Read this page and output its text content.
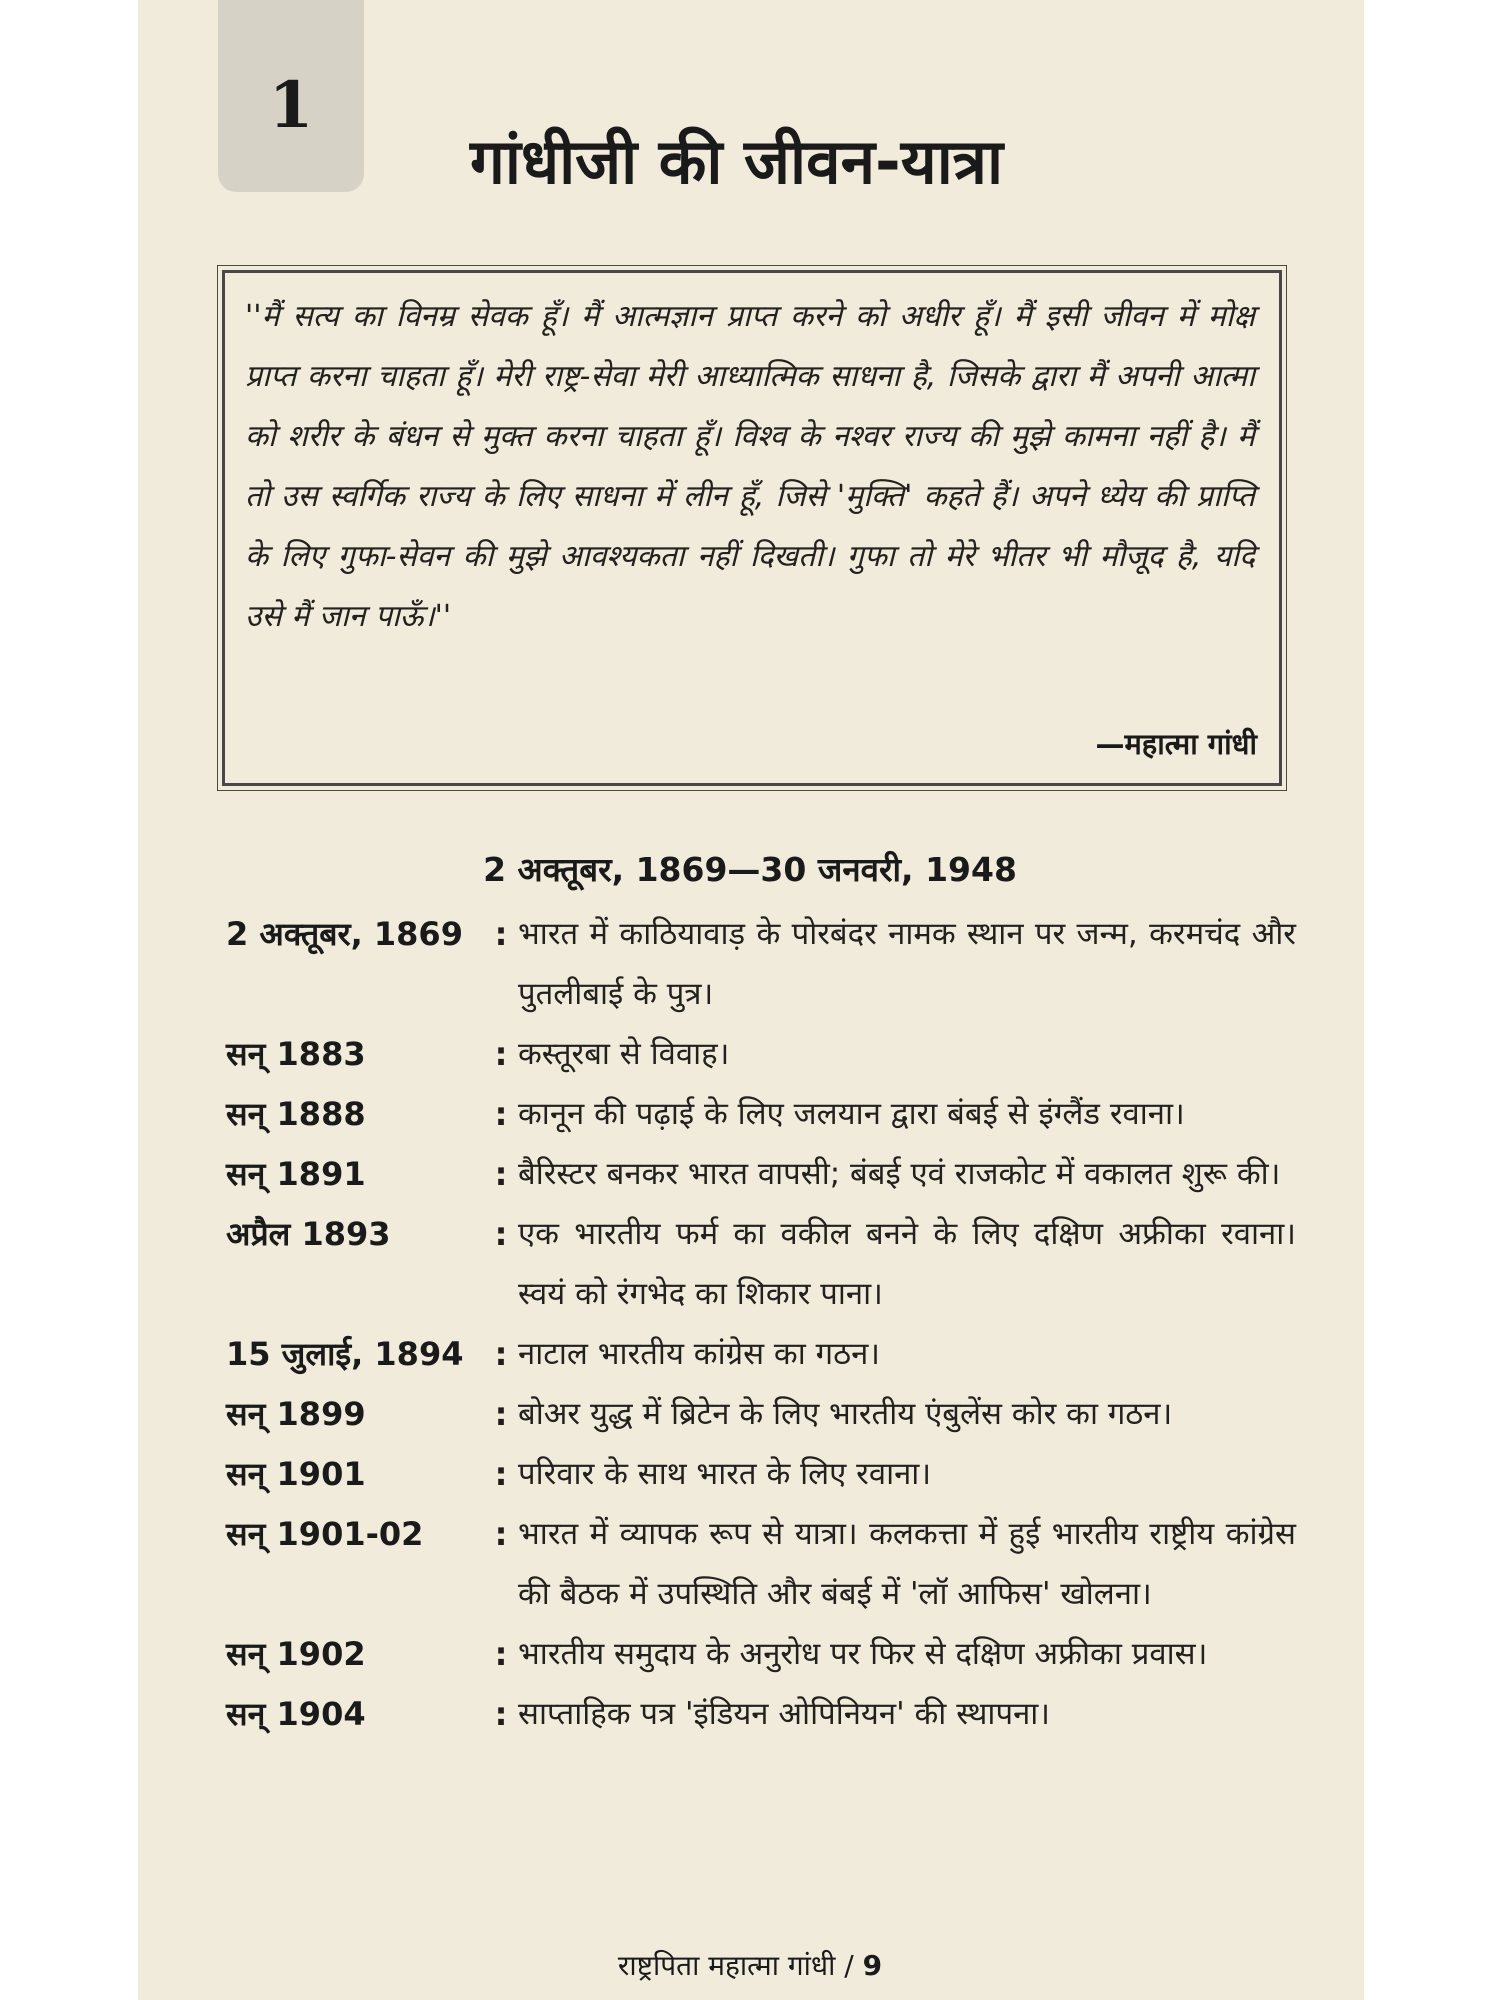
1
गांधीजी की जीवन-यात्रा

''मैं सत्य का विनम्र सेवक हूँ। मैं आत्मज्ञान प्राप्त करने को अधीर हूँ। मैं इसी जीवन में मोक्ष प्राप्त करना चाहता हूँ। मेरी राष्ट्र-सेवा मेरी आध्यात्मिक साधना है, जिसके द्वारा मैं अपनी आत्मा को शरीर के बंधन से मुक्त करना चाहता हूँ। विश्व के नश्वर राज्य की मुझे कामना नहीं है। मैं तो उस स्वर्गिक राज्य के लिए साधना में लीन हूँ, जिसे 'मुक्ति' कहते हैं। अपने ध्येय की प्राप्ति के लिए गुफा-सेवन की मुझे आवश्यकता नहीं दिखती। गुफा तो मेरे भीतर भी मौजूद है, यदि उसे मैं जान पाऊँ।''

—महात्मा गांधी
2 अक्तूबर, 1869—30 जनवरी, 1948
2 अक्तूबर, 1869 : भारत में काठियावाड़ के पोरबंदर नामक स्थान पर जन्म, करमचंद और पुतलीबाई के पुत्र।
सन् 1883	: कस्तूरबा से विवाह।
सन् 1888	: कानून की पढ़ाई के लिए जलयान द्वारा बंबई से इंग्लैंड रवाना।
सन् 1891	: बैरिस्टर बनकर भारत वापसी; बंबई एवं राजकोट में वकालत शुरू की।
अप्रैल 1893	: एक भारतीय फर्म का वकील बनने के लिए दक्षिण अफ्रीका रवाना। स्वयं को रंगभेद का शिकार पाना।
15 जुलाई, 1894 : नाटाल भारतीय कांग्रेस का गठन।
सन् 1899	: बोअर युद्ध में ब्रिटेन के लिए भारतीय एंबुलेंस कोर का गठन।
सन् 1901	: परिवार के साथ भारत के लिए रवाना।
सन् 1901-02	: भारत में व्यापक रूप से यात्रा। कलकत्ता में हुई भारतीय राष्ट्रीय कांग्रेस की बैठक में उपस्थिति और बंबई में 'लॉ आफिस' खोलना।
सन् 1902	: भारतीय समुदाय के अनुरोध पर फिर से दक्षिण अफ्रीका प्रवास।
सन् 1904	: साप्ताहिक पत्र 'इंडियन ओपिनियन' की स्थापना।
राष्ट्रपिता महात्मा गांधी / 9
